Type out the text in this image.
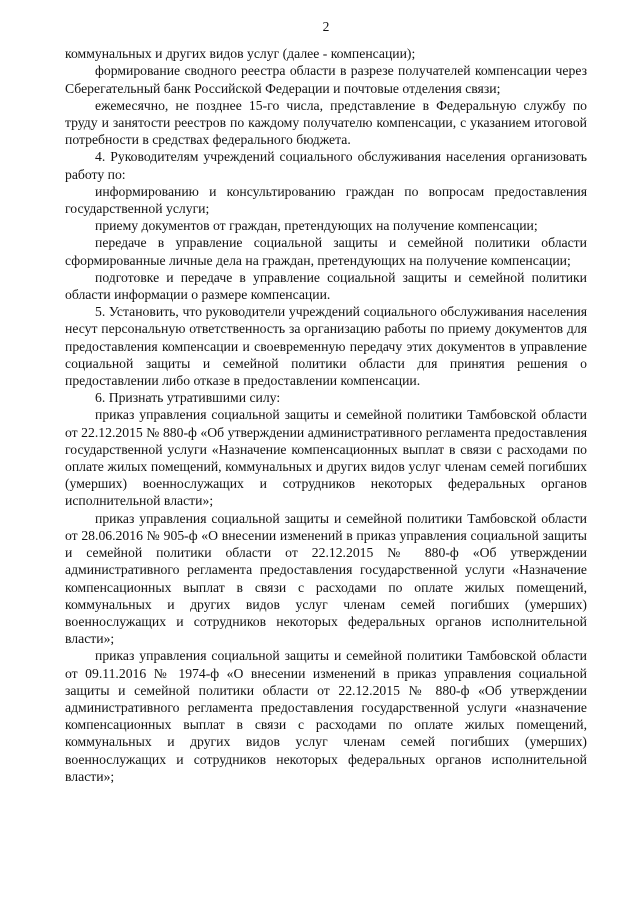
2

коммунальных и других видов услуг (далее - компенсации);

формирование сводного реестра области в разрезе получателей компенсации через Сберегательный банк Российской Федерации и почтовые отделения связи;

ежемесячно, не позднее 15-го числа, представление в Федеральную службу по труду и занятости реестров по каждому получателю компенсации, с указанием итоговой потребности в средствах федерального бюджета.

4. Руководителям учреждений социального обслуживания населения организовать работу по:

информированию и консультированию граждан по вопросам предоставления государственной услуги;

приему документов от граждан, претендующих на получение компенсации;

передаче в управление социальной защиты и семейной политики области сформированные личные дела на граждан, претендующих на получение компенсации;

подготовке и передаче в управление социальной защиты и семейной политики области информации о размере компенсации.

5. Установить, что руководители учреждений социального обслуживания населения несут персональную ответственность за организацию работы по приему документов для предоставления компенсации и своевременную передачу этих документов в управление социальной защиты и семейной политики области для принятия решения о предоставлении либо отказе в предоставлении компенсации.

6. Признать утратившими силу:

приказ управления социальной защиты и семейной политики Тамбовской области от 22.12.2015 № 880-ф «Об утверждении административного регламента предоставления государственной услуги «Назначение компенсационных выплат в связи с расходами по оплате жилых помещений, коммунальных и других видов услуг членам семей погибших (умерших) военнослужащих и сотрудников некоторых федеральных органов исполнительной власти»;

приказ управления социальной защиты и семейной политики Тамбовской области от 28.06.2016 № 905-ф «О внесении изменений в приказ управления социальной защиты и семейной политики области от 22.12.2015 № 880-ф «Об утверждении административного регламента предоставления государственной услуги «Назначение компенсационных выплат в связи с расходами по оплате жилых помещений, коммунальных и других видов услуг членам семей погибших (умерших) военнослужащих и сотрудников некоторых федеральных органов исполнительной власти»;

приказ управления социальной защиты и семейной политики Тамбовской области от 09.11.2016 № 1974-ф «О внесении изменений в приказ управления социальной защиты и семейной политики области от 22.12.2015 № 880-ф «Об утверждении административного регламента предоставления государственной услуги «назначение компенсационных выплат в связи с расходами по оплате жилых помещений, коммунальных и других видов услуг членам семей погибших (умерших) военнослужащих и сотрудников некоторых федеральных органов исполнительной власти»;
